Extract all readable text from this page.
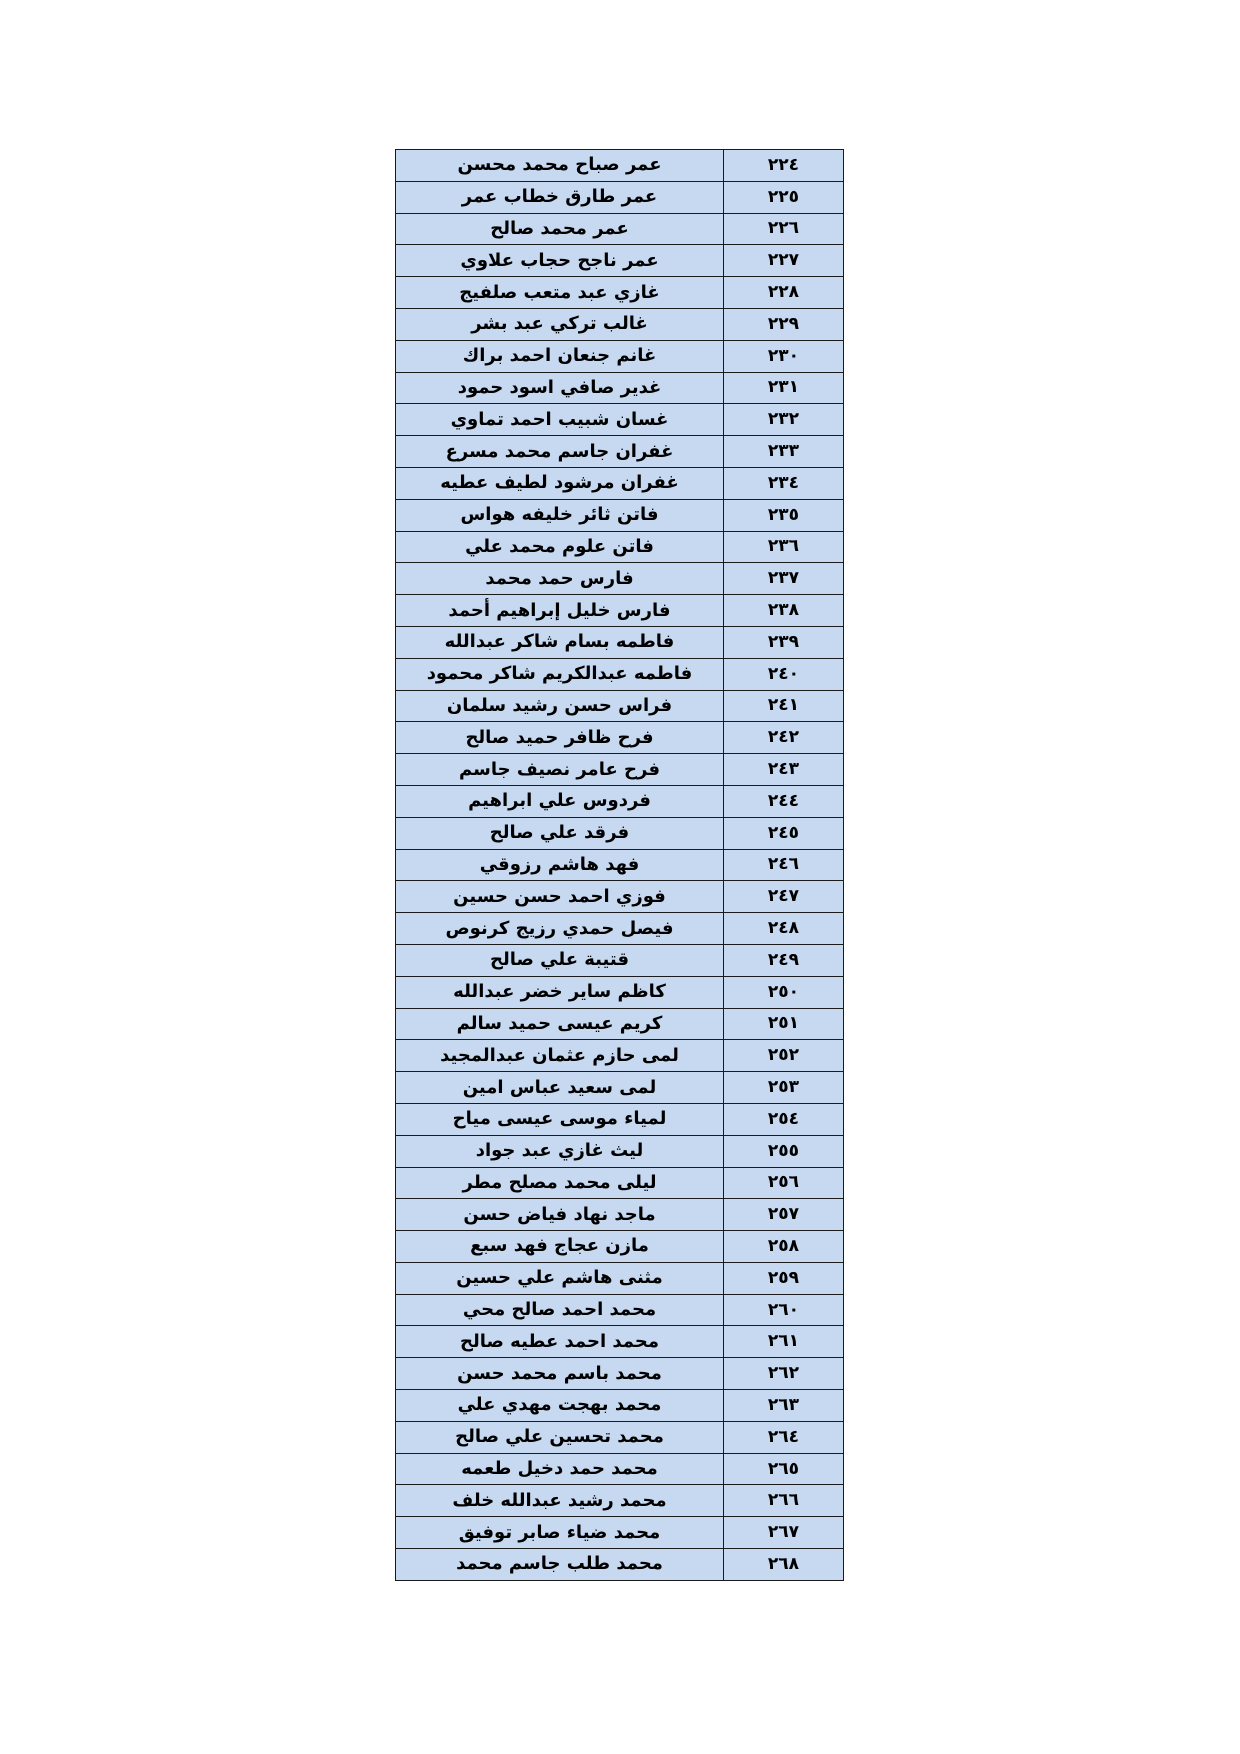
٢٢٤	عمر صباح محمد محسن
٢٢٥	عمر طارق خطاب عمر
٢٢٦	عمر محمد صالح
٢٢٧	عمر ناجح حجاب علاوي
٢٢٨	غازي عبد متعب صلفيج
٢٢٩	غالب تركي عبد بشر
٢٣٠	غانم جنعان احمد براك
٢٣١	غدير صافي اسود حمود
٢٣٢	غسان شبيب احمد تماوي
٢٣٣	غفران جاسم محمد مسرع
٢٣٤	غفران مرشود لطيف عطيه
٢٣٥	فاتن ثائر خليفه هواس
٢٣٦	فاتن علوم محمد علي
٢٣٧	فارس حمد محمد
٢٣٨	فارس خليل إبراهيم أحمد
٢٣٩	فاطمه بسام شاكر عبدالله
٢٤٠	فاطمه عبدالكريم شاكر محمود
٢٤١	فراس حسن رشيد سلمان
٢٤٢	فرح ظافر حميد صالح
٢٤٣	فرح عامر نصيف جاسم
٢٤٤	فردوس علي ابراهيم
٢٤٥	فرقد علي صالح
٢٤٦	فهد هاشم رزوقي
٢٤٧	فوزي احمد حسن حسين
٢٤٨	فيصل حمدي رزيج كرنوص
٢٤٩	قتيبة علي صالح
٢٥٠	كاظم ساير خضر عبدالله
٢٥١	كريم عيسى حميد سالم
٢٥٢	لمى حازم عثمان عبدالمجيد
٢٥٣	لمى سعيد عباس امين
٢٥٤	لمياء موسى عيسى مياح
٢٥٥	ليث غازي عبد جواد
٢٥٦	ليلى محمد مصلح مطر
٢٥٧	ماجد نهاد فياض حسن
٢٥٨	مازن عجاج فهد سبع
٢٥٩	مثنى هاشم علي حسين
٢٦٠	محمد احمد صالح محي
٢٦١	محمد احمد عطيه صالح
٢٦٢	محمد باسم محمد حسن
٢٦٣	محمد بهجت مهدي علي
٢٦٤	محمد تحسين علي صالح
٢٦٥	محمد حمد دخيل طعمه
٢٦٦	محمد رشيد عبدالله خلف
٢٦٧	محمد ضياء صابر توفيق
٢٦٨	محمد طلب جاسم محمد
